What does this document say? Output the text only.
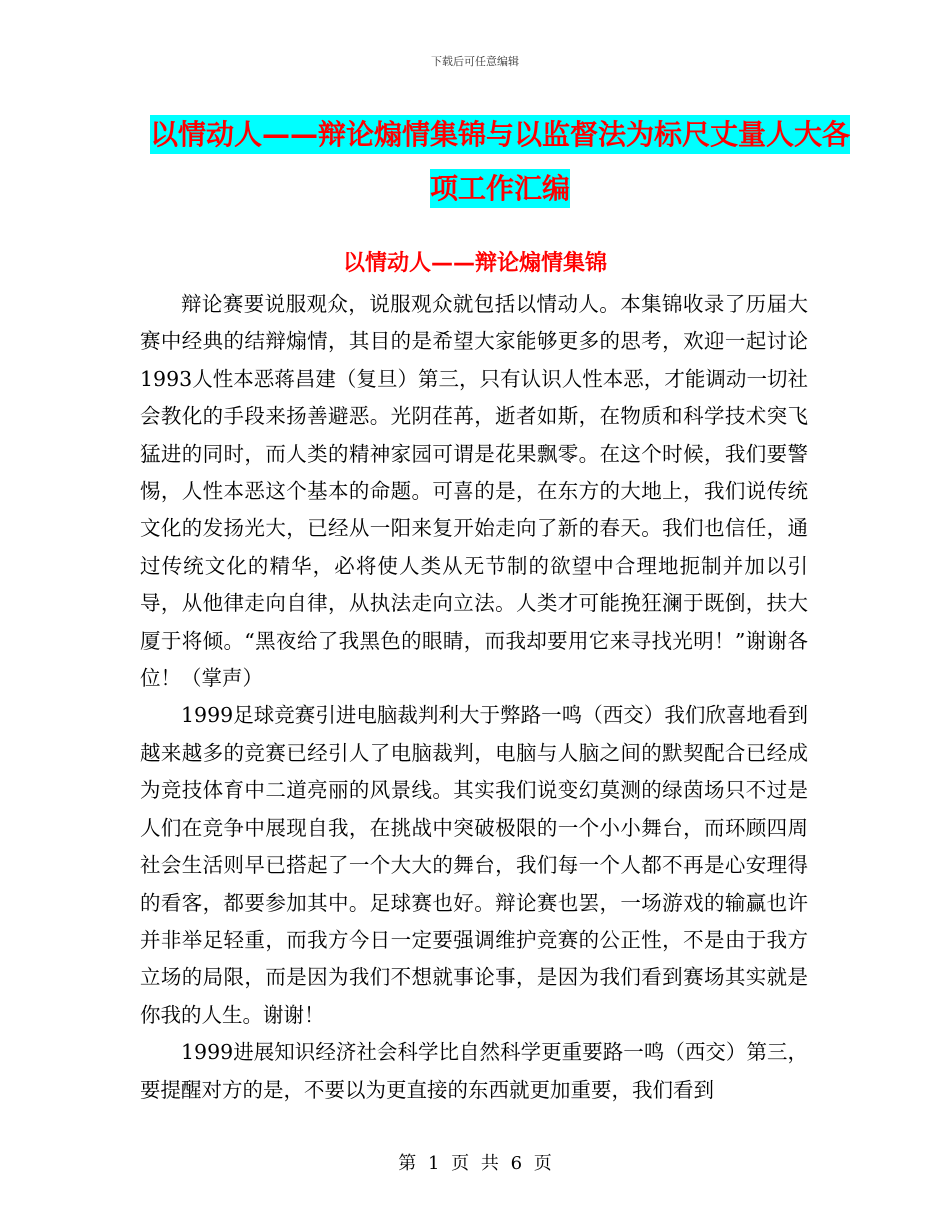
下载后可任意编辑
以情动人——辩论煽情集锦与以监督法为标尺丈量人大各项工作汇编
以情动人——辩论煽情集锦

辩论赛要说服观众，说服观众就包括以情动人。本集锦收录了历届大赛中经典的结辩煽情，其目的是希望大家能够更多的思考，欢迎一起讨论 1993人性本恶蒋昌建（复旦）第三，只有认识人性本恶，才能调动一切社会教化的手段来扬善避恶。光阴荏苒，逝者如斯，在物质和科学技术突飞猛进的同时，而人类的精神家园可谓是花果飘零。在这个时候，我们要警惕，人性本恶这个基本的命题。可喜的是，在东方的大地上，我们说传统文化的发扬光大，已经从一阳来复开始走向了新的春天。我们也信任，通过传统文化的精华，必将使人类从无节制的欲望中合理地扼制并加以引导，从他律走向自律，从执法走向立法。人类才可能挽狂澜于既倒，扶大厦于将倾。“黑夜给了我黑色的眼睛，而我却要用它来寻找光明！”谢谢各位！（掌声）

1999足球竞赛引进电脑裁判利大于弊路一鸣（西交）我们欣喜地看到越来越多的竞赛已经引人了电脑裁判，电脑与人脑之间的默契配合已经成为竞技体育中二道亮丽的风景线。其实我们说变幻莫测的绿茵场只不过是人们在竞争中展现自我，在挑战中突破极限的一个小小舞台，而环顾四周社会生活则早已搭起了一个大大的舞台，我们每一个人都不再是心安理得的看客，都要参加其中。足球赛也好。辩论赛也罢，一场游戏的输赢也许并非举足轻重，而我方今日一定要强调维护竞赛的公正性，不是由于我方立场的局限，而是因为我们不想就事论事，是因为我们看到赛场其实就是你我的人生。谢谢！

1999进展知识经济社会科学比自然科学更重要路一鸣（西交）第三，要提醒对方的是，不要以为更直接的东西就更加重要，我们看到

第 1 页 共 6 页
